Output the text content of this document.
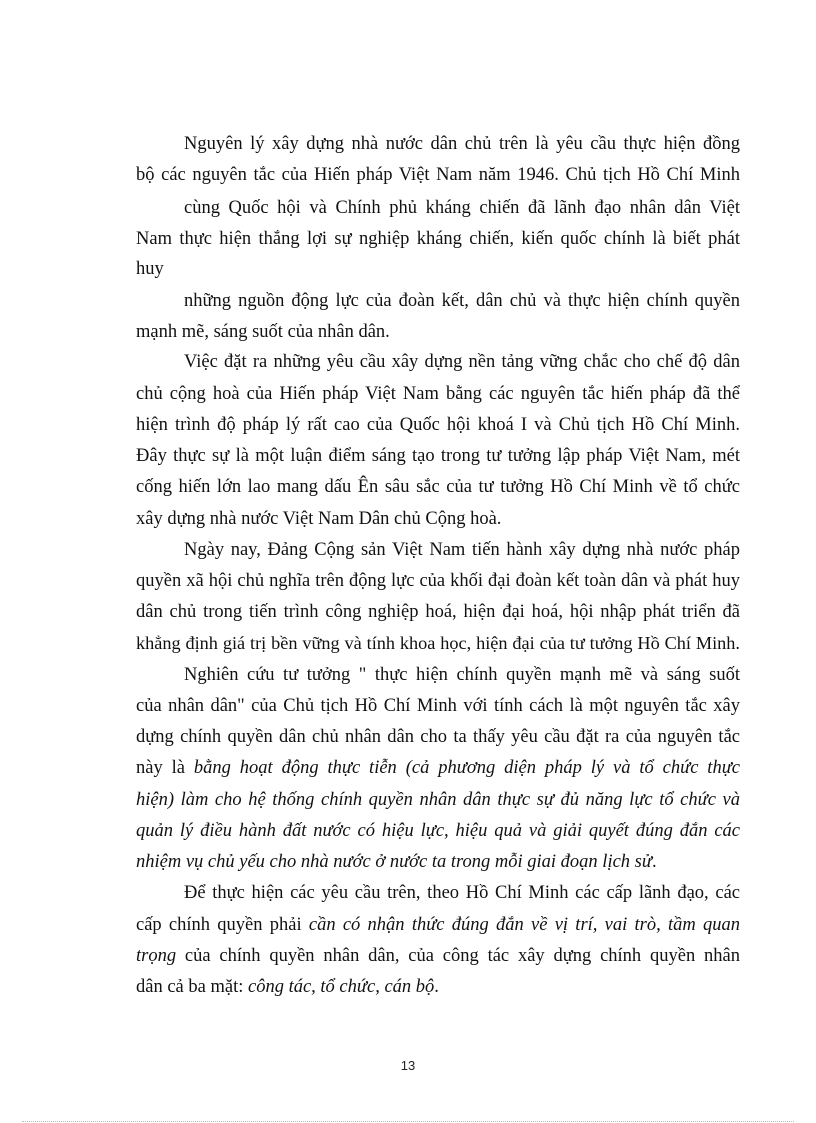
Nguyên lý xây dựng nhà nước dân chủ trên là yêu cầu thực hiện đồng
bộ các nguyên tắc của Hiến pháp Việt Nam năm 1946. Chủ tịch Hồ Chí Minh
cùng Quốc hội và Chính phủ kháng chiến đã lãnh đạo nhân dân Việt
Nam thực hiện thắng lợi sự nghiệp kháng chiến, kiến quốc chính là biết phát
huy
những nguồn động lực của đoàn kết, dân chủ và thực hiện chính quyền
mạnh mẽ, sáng suốt của nhân dân.
Việc đặt ra những yêu cầu xây dựng nền tảng vững chắc cho chế độ dân
chủ cộng hoà của Hiến pháp Việt Nam bằng các nguyên tắc hiến pháp đã thể
hiện trình độ pháp lý rất cao của Quốc hội khoá I và Chủ tịch Hồ Chí Minh.
Đây thực sự là một luận điểm sáng tạo trong tư tưởng lập pháp Việt Nam, mét
cống hiến lớn lao mang dấu Ên sâu sắc của tư tưởng Hồ Chí Minh về tổ chức
xây dựng nhà nước Việt Nam Dân chủ Cộng hoà.
Ngày nay, Đảng Cộng sản Việt Nam tiến hành xây dựng nhà nước pháp
quyền xã hội chủ nghĩa trên động lực của khối đại đoàn kết toàn dân và phát huy
dân chủ trong tiến trình công nghiệp hoá, hiện đại hoá, hội nhập phát triển đã
khẳng định giá trị bền vững và tính khoa học, hiện đại của tư tưởng Hồ Chí Minh.
Nghiên cứu tư tưởng " thực hiện chính quyền mạnh mẽ và sáng suốt
của nhân dân" của Chủ tịch Hồ Chí Minh với tính cách là một nguyên tắc xây
dựng chính quyền dân chủ nhân dân cho ta thấy yêu cầu đặt ra của nguyên tắc
này là bằng hoạt động thực tiễn (cả phương diện pháp lý và tổ chức thực
hiện) làm cho hệ thống chính quyền nhân dân thực sự đủ năng lực tổ chức và
quản lý điều hành đất nước có hiệu lực, hiệu quả và giải quyết đúng đắn các
nhiệm vụ chủ yếu cho nhà nước ở nước ta trong mỗi giai đoạn lịch sử.
Để thực hiện các yêu cầu trên, theo Hồ Chí Minh các cấp lãnh đạo, các
cấp chính quyền phải cần có nhận thức đúng đắn về vị trí, vai trò, tầm quan
trọng của chính quyền nhân dân, của công tác xây dựng chính quyền nhân
dân cả ba mặt: công tác, tổ chức, cán bộ.
13
